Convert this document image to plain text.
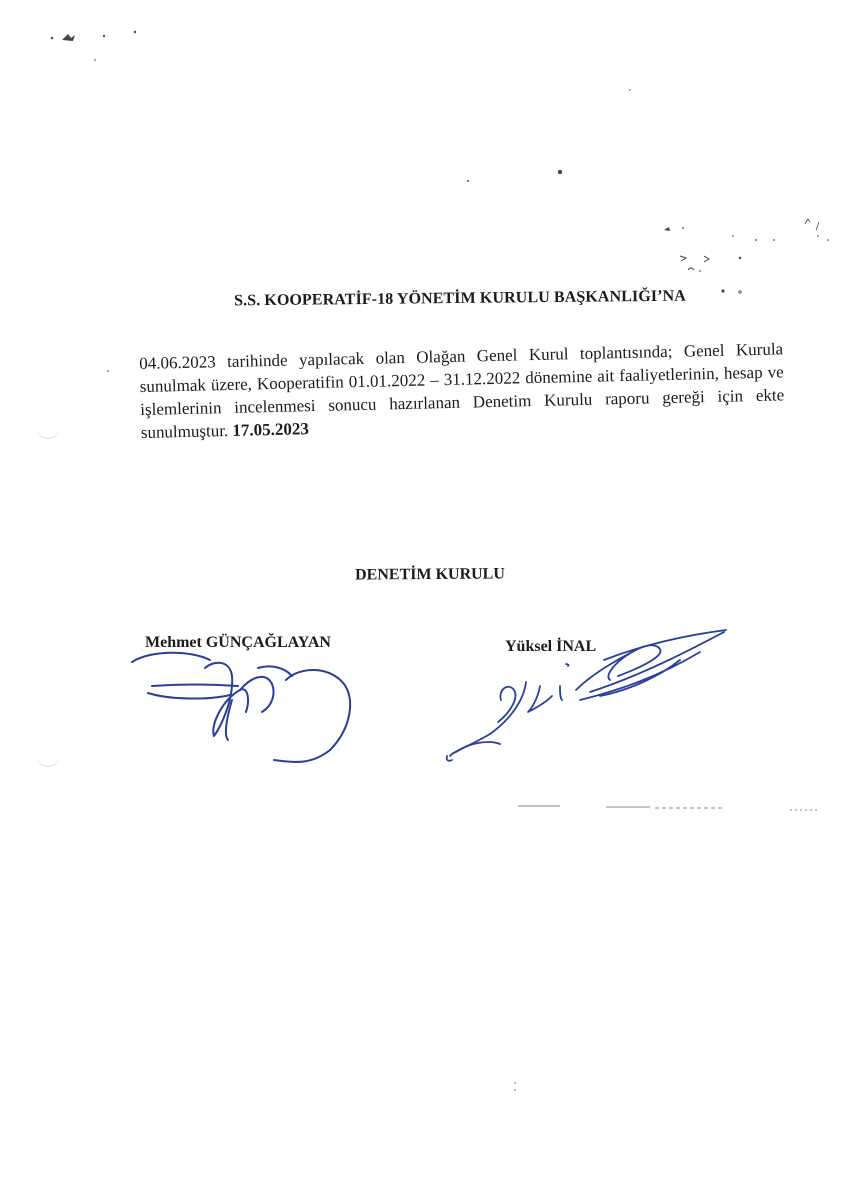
S.S. KOOPERATİF-18 YÖNETİM KURULU BAŞKANLIĞI’NA
04.06.2023 tarihinde yapılacak olan Olağan Genel Kurul toplantısında; Genel Kurula sunulmak üzere, Kooperatifin 01.01.2022 – 31.12.2022 dönemine ait faaliyetlerinin, hesap ve işlemlerinin incelenmesi sonucu hazırlanan Denetim Kurulu raporu gereği için ekte sunulmuştur. 17.05.2023
DENETİM KURULU
Mehmet GÜNÇAĞLAYAN	Yüksel İNAL
